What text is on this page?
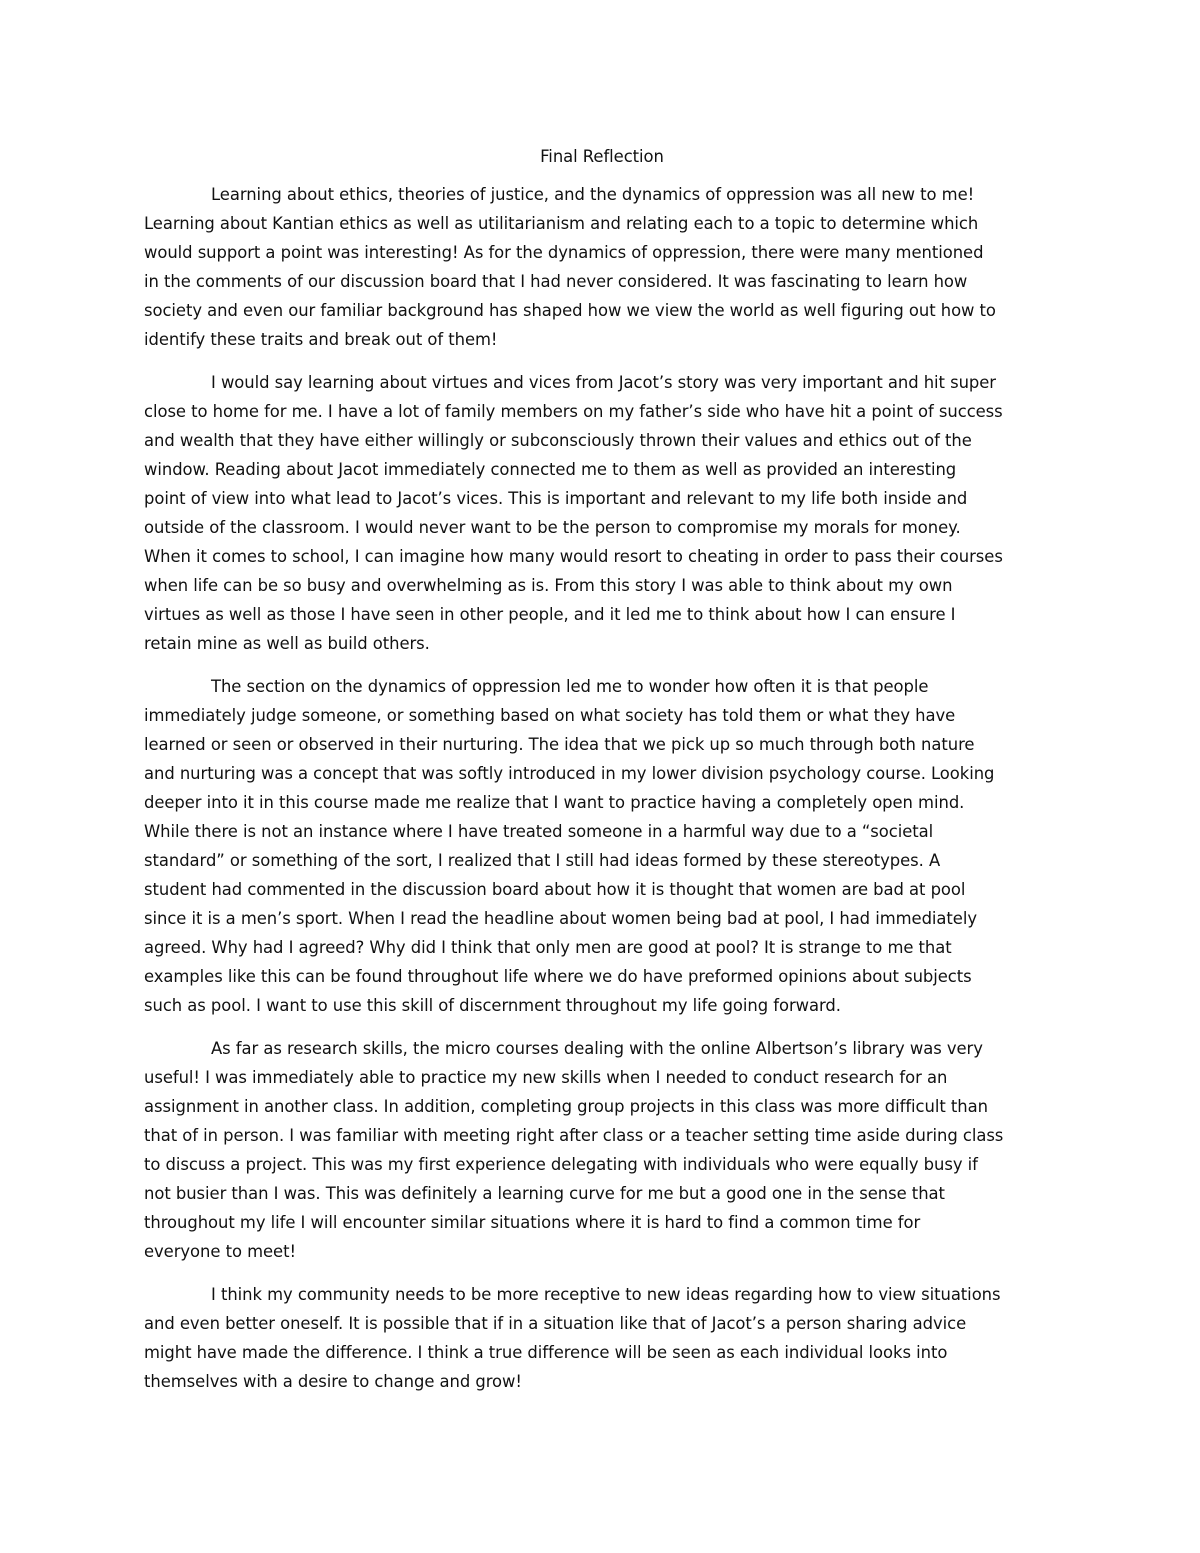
Final Reflection
Learning about ethics, theories of justice, and the dynamics of oppression was all new to me!
Learning about Kantian ethics as well as utilitarianism and relating each to a topic to determine which
would support a point was interesting! As for the dynamics of oppression, there were many mentioned
in the comments of our discussion board that I had never considered. It was fascinating to learn how
society and even our familiar background has shaped how we view the world as well figuring out how to
identify these traits and break out of them!
I would say learning about virtues and vices from Jacot’s story was very important and hit super
close to home for me. I have a lot of family members on my father’s side who have hit a point of success
and wealth that they have either willingly or subconsciously thrown their values and ethics out of the
window. Reading about Jacot immediately connected me to them as well as provided an interesting
point of view into what lead to Jacot’s vices. This is important and relevant to my life both inside and
outside of the classroom. I would never want to be the person to compromise my morals for money.
When it comes to school, I can imagine how many would resort to cheating in order to pass their courses
when life can be so busy and overwhelming as is. From this story I was able to think about my own
virtues as well as those I have seen in other people, and it led me to think about how I can ensure I
retain mine as well as build others.
The section on the dynamics of oppression led me to wonder how often it is that people
immediately judge someone, or something based on what society has told them or what they have
learned or seen or observed in their nurturing. The idea that we pick up so much through both nature
and nurturing was a concept that was softly introduced in my lower division psychology course. Looking
deeper into it in this course made me realize that I want to practice having a completely open mind.
While there is not an instance where I have treated someone in a harmful way due to a “societal
standard” or something of the sort, I realized that I still had ideas formed by these stereotypes. A
student had commented in the discussion board about how it is thought that women are bad at pool
since it is a men’s sport. When I read the headline about women being bad at pool, I had immediately
agreed. Why had I agreed? Why did I think that only men are good at pool? It is strange to me that
examples like this can be found throughout life where we do have preformed opinions about subjects
such as pool. I want to use this skill of discernment throughout my life going forward.
As far as research skills, the micro courses dealing with the online Albertson’s library was very
useful! I was immediately able to practice my new skills when I needed to conduct research for an
assignment in another class. In addition, completing group projects in this class was more difficult than
that of in person. I was familiar with meeting right after class or a teacher setting time aside during class
to discuss a project. This was my first experience delegating with individuals who were equally busy if
not busier than I was. This was definitely a learning curve for me but a good one in the sense that
throughout my life I will encounter similar situations where it is hard to find a common time for
everyone to meet!
I think my community needs to be more receptive to new ideas regarding how to view situations
and even better oneself. It is possible that if in a situation like that of Jacot’s a person sharing advice
might have made the difference. I think a true difference will be seen as each individual looks into
themselves with a desire to change and grow!
